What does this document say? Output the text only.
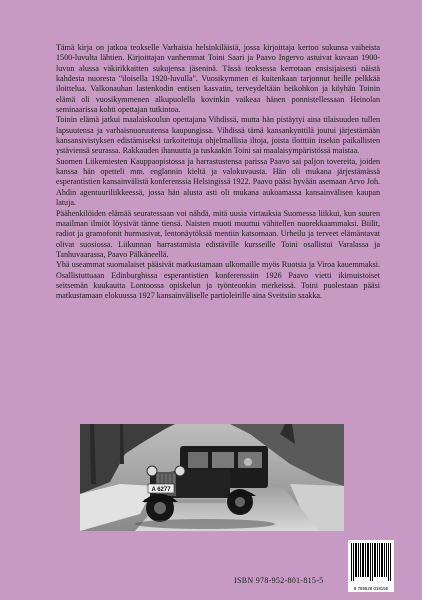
Tämä kirja on jatkoa teokselle Varhaisia helsinkiläisiä, jossa kirjoittaja kertoo sukunsa vaiheista 1500-luvulta lähtien. Kirjoittajan vanhemmat Toini Saari ja Paavo Ingervo astuivat kuvaan 1900-luvun alussa väkirikkaitten sukujensa jäseninä. Tässä teoksessa kerrotaan ensisijaisesti näistä kahdesta nuoresta "iloisella 1920-luvulla". Vuosikymmen ei kuitenkaan tarjonnut heille pelkkää iloittelua. Valkonauhan lastenkodin entisen kasvatin, terveydeltään heikohkon ja köyhän Toinin elämä oli vuosikymmenen alkupuolella kovinkin vaikeaa hänen ponnistellessaan Heinolan seminaarissa kohti opettajan tutkintoa.

Toinin elämä jatkui maalaiskoulun opettajana Vihdissä, mutta hän pistäytyi aina tilaisuuden tullen lapsuutensa ja varhaisnuoruutensa kaupungissa. Vihdissä tämä kansankynttilä joutui järjestämään kansansivistyksen edistämiseksi tarkoitettuja ohjelmallisia iltoja, joista iloittiin itsekin paikallisten ystäviensä seurassa. Rakkauden ihanuutta ja tuskaakin Toini sai maalaisympäristössä maistaa.

Suomen Liikemiesten Kauppaopistossa ja harrastustensa parissa Paavo sai paljon tovereita, joiden kanssa hän opetteli mm. englannin kieltä ja valokuvausta. Hän oli mukana järjestämässä esperantistien kansainvälistä konferenssia Helsingissä 1922. Paavo pääsi hyvään asemaan Arvo Joh. Ahdin agentuuriliikkeessä, jossa hän alusta asti oli mukana aukoamassa kansainvälisen kaupan latuja.

Päähenkilöiden elämää seuratessaan voi nähdä, mitä uusia virtauksia Suomessa liikkui, kun suuren maailman ilmiöt löysivät tänne tiensä. Naisten muoti muuttui vähitellen nuorekkaammaksi. Biilit, radiot ja gramofonit hurmasivat, lentonäytöksiä mentiin katsomaan. Urheilu ja terveet elämäntavat olivat suosiossa. Liikunnan harrastamista edistäville kursseille Toini osallistui Varalassa ja Tanhuvaarassa, Paavo Pälkäneellä.

Yhä useammat suomalaiset pääsivät matkustamaan ulkomaille myös Ruotsia ja Viroa kauemmaksi. Osallistuttuaan Edinburghissa esperantistien konferenssiin 1926 Paavo vietti ikimuistoiset seitsemän kuukautta Lontoossa opiskelun ja työnteonkin merkeissä. Toini puolestaan pääsi matkustamaan elokuussa 1927 kansainväliselle partioleirille aina Sveitsiin saakka.

A 6277
ISBN 978-952-801-815-5
9 789528 018155
